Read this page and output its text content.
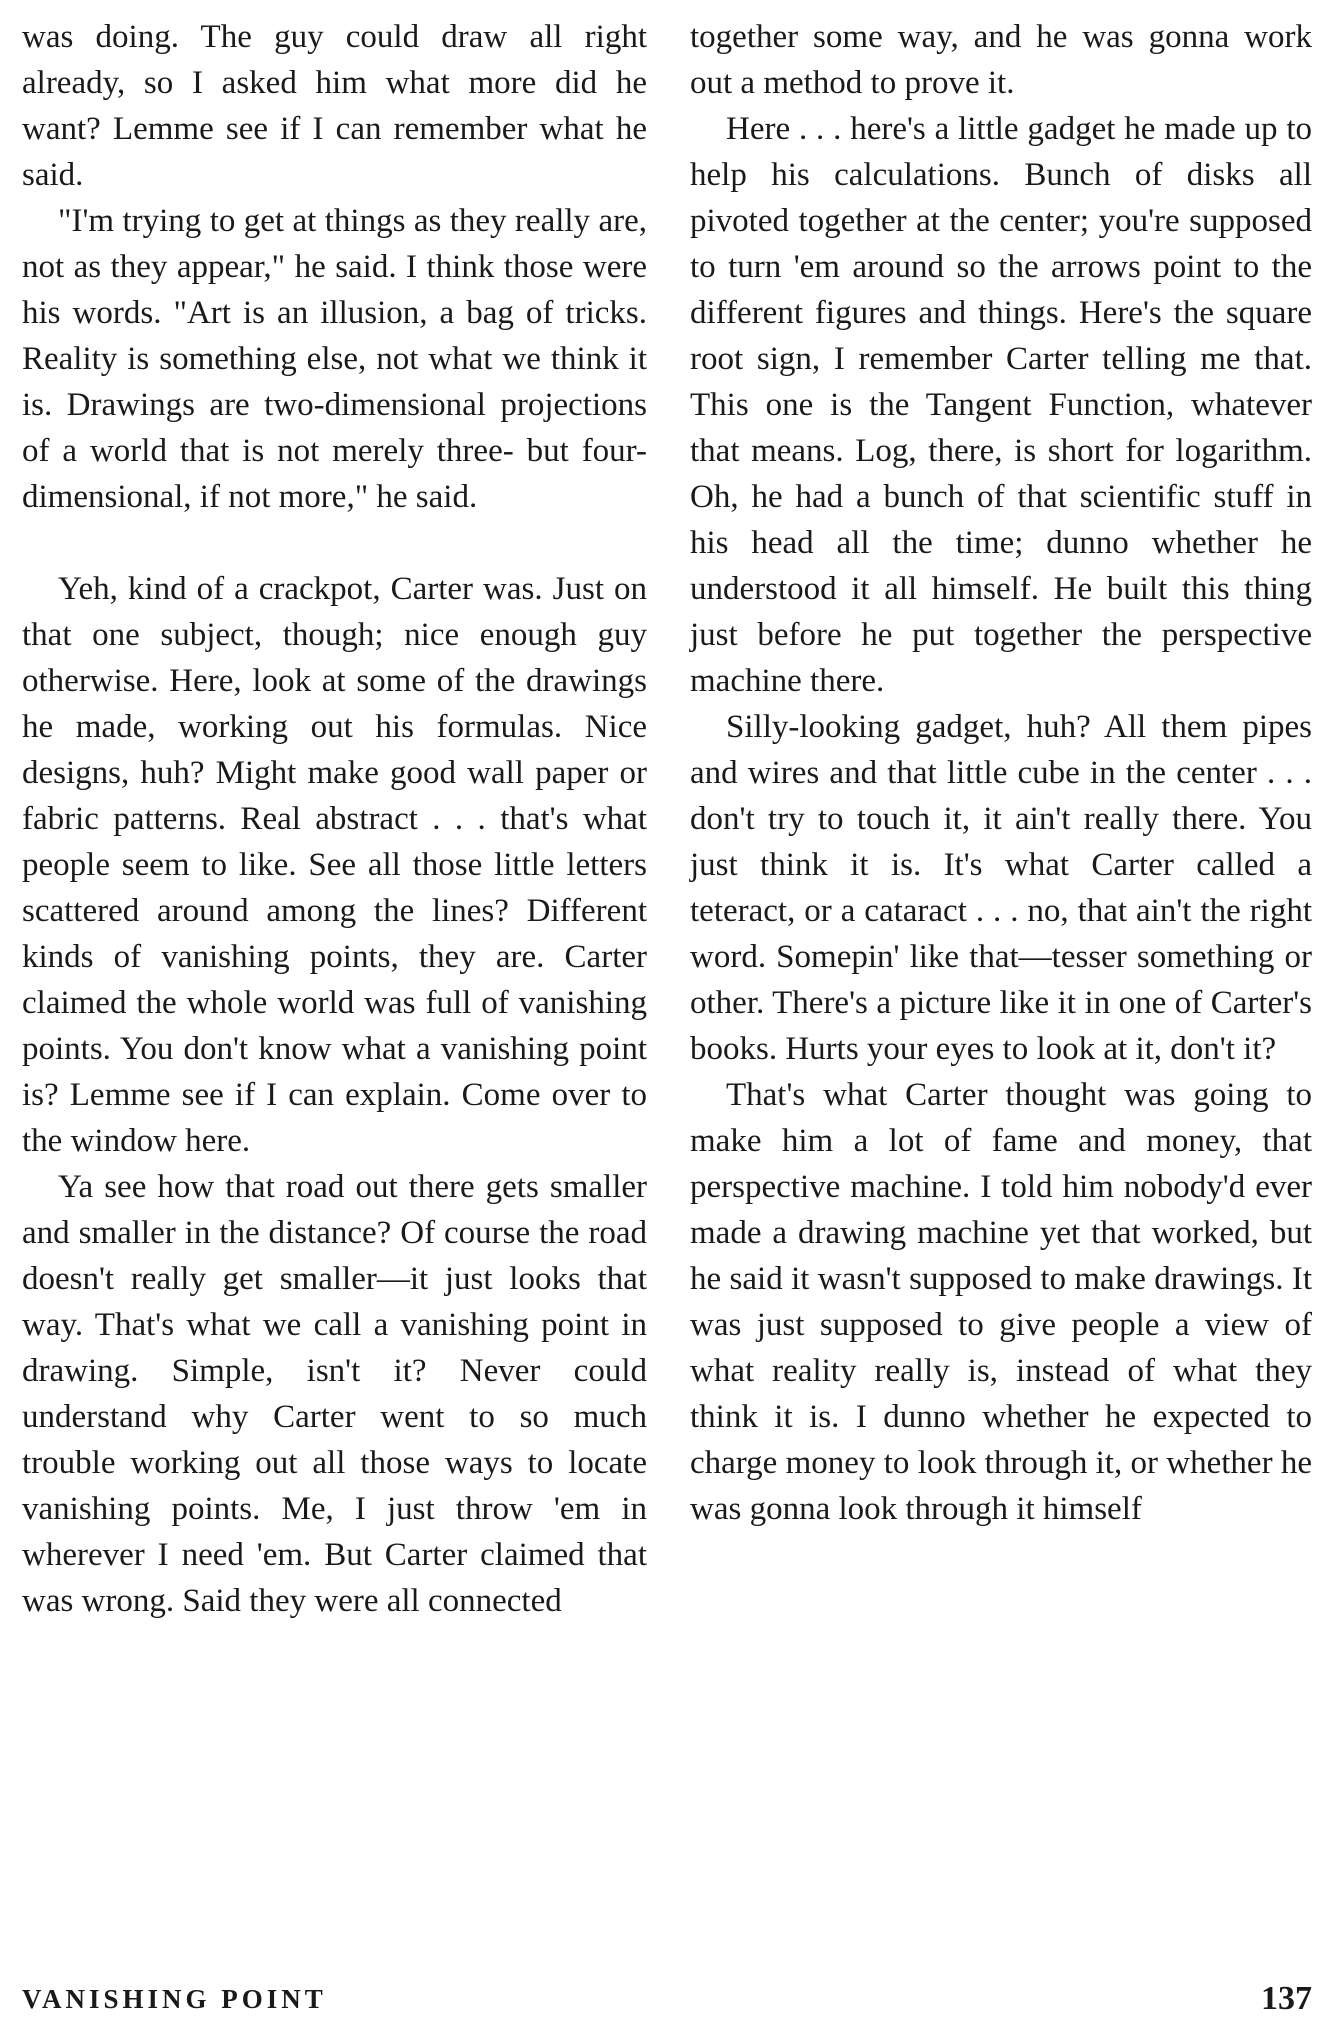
was doing. The guy could draw all right already, so I asked him what more did he want? Lemme see if I can remember what he said.

"I'm trying to get at things as they really are, not as they appear," he said. I think those were his words. "Art is an illusion, a bag of tricks. Reality is something else, not what we think it is. Drawings are two-dimensional projections of a world that is not merely three- but four-dimensional, if not more," he said.

Yeh, kind of a crackpot, Carter was. Just on that one subject, though; nice enough guy otherwise. Here, look at some of the drawings he made, working out his formulas. Nice designs, huh? Might make good wall paper or fabric patterns. Real abstract . . . that's what people seem to like. See all those little letters scattered around among the lines? Different kinds of vanishing points, they are. Carter claimed the whole world was full of vanishing points. You don't know what a vanishing point is? Lemme see if I can explain. Come over to the window here.

Ya see how that road out there gets smaller and smaller in the distance? Of course the road doesn't really get smaller—it just looks that way. That's what we call a vanishing point in drawing. Simple, isn't it? Never could understand why Carter went to so much trouble working out all those ways to locate vanishing points. Me, I just throw 'em in wherever I need 'em. But Carter claimed that was wrong. Said they were all connected

together some way, and he was gonna work out a method to prove it.

Here . . . here's a little gadget he made up to help his calculations. Bunch of disks all pivoted together at the center; you're supposed to turn 'em around so the arrows point to the different figures and things. Here's the square root sign, I remember Carter telling me that. This one is the Tangent Function, whatever that means. Log, there, is short for logarithm. Oh, he had a bunch of that scientific stuff in his head all the time; dunno whether he understood it all himself. He built this thing just before he put together the perspective machine there.

Silly-looking gadget, huh? All them pipes and wires and that little cube in the center . . . don't try to touch it, it ain't really there. You just think it is. It's what Carter called a teteract, or a cataract . . . no, that ain't the right word. Somepin' like that—tesser something or other. There's a picture like it in one of Carter's books. Hurts your eyes to look at it, don't it?

That's what Carter thought was going to make him a lot of fame and money, that perspective machine. I told him nobody'd ever made a drawing machine yet that worked, but he said it wasn't supposed to make drawings. It was just supposed to give people a view of what reality really is, instead of what they think it is. I dunno whether he expected to charge money to look through it, or whether he was gonna look through it himself

VANISHING POINT	137
